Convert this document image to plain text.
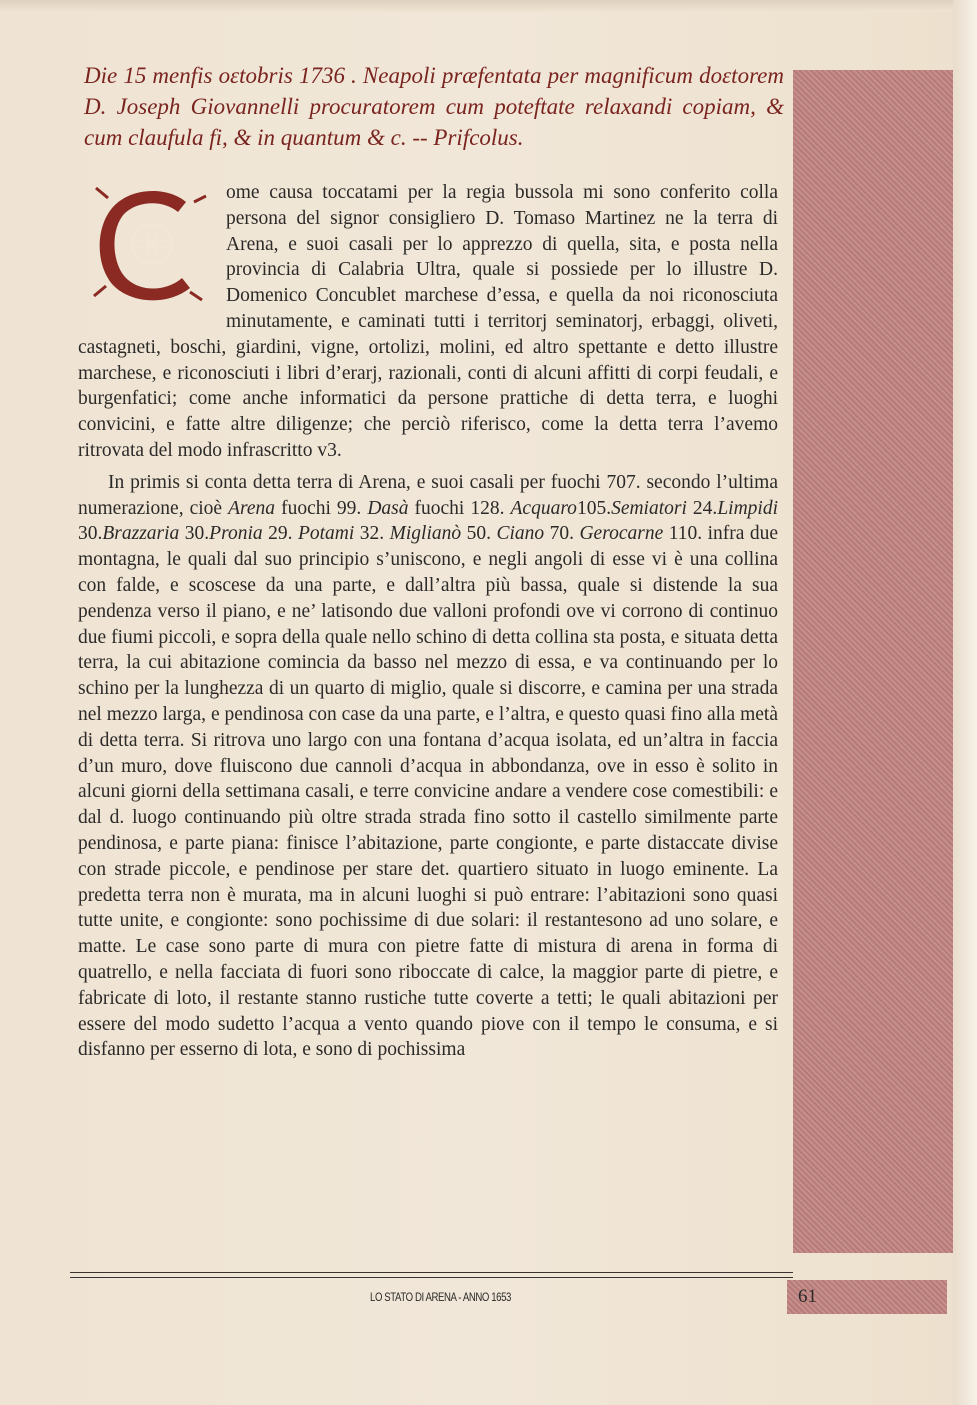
Die 15 menfis oɛtobris 1736 . Neapoli præfentata per magnificum doɛtorem D. Joseph Giovannelli procuratorem cum poteftate relaxandi copiam, & cum claufula fi, & in quantum & c. -- Prifcolus.

ome causa toccatami per la regia bussola mi sono conferito colla persona del signor consigliero D. Tomaso Martinez ne la terra di Arena, e suoi casali per lo apprezzo di quella, sita, e posta nella provincia di Calabria Ultra, quale si possiede per lo illustre D. Domenico Concublet marchese d’essa, e quella da noi riconosciuta minutamente, e caminati tutti i territorj seminatorj, erbaggi, oliveti, castagneti, boschi, giardini, vigne, ortolizi, molini, ed altro spettante e detto illustre marchese, e riconosciuti i libri d’erarj, razionali, conti di alcuni affitti di corpi feudali, e burgenfatici; come anche informatici da persone prattiche di detta terra, e luoghi convicini, e fatte altre diligenze; che perciò riferisco, come la detta terra l’avemo ritrovata del modo infrascritto v3.

In primis si conta detta terra di Arena, e suoi casali per fuochi 707. secondo l’ultima numerazione, cioè Arena fuochi 99. Dasà fuochi 128. Acquaro105.Semiatori 24.Limpidi 30.Brazzaria 30.Pronia 29. Potami 32. Miglianò 50. Ciano 70. Gerocarne 110. infra due montagna, le quali dal suo principio s’uniscono, e negli angoli di esse vi è una collina con falde, e scoscese da una parte, e dall’altra più bassa, quale si distende la sua pendenza verso il piano, e ne’ latisondo due valloni profondi ove vi corrono di continuo due fiumi piccoli, e sopra della quale nello schino di detta collina sta posta, e situata detta terra, la cui abitazione comincia da basso nel mezzo di essa, e va continuando per lo schino per la lunghezza di un quarto di miglio, quale si discorre, e camina per una strada nel mezzo larga, e pendinosa con case da una parte, e l’altra, e questo quasi fino alla metà di detta terra. Si ritrova uno largo con una fontana d’acqua isolata, ed un’altra in faccia d’un muro, dove fluiscono due cannoli d’acqua in abbondanza, ove in esso è solito in alcuni giorni della settimana casali, e terre convicine andare a vendere cose comestibili: e dal d. luogo continuando più oltre strada strada fino sotto il castello similmente parte pendinosa, e parte piana: finisce l’abitazione, parte congionte, e parte distaccate divise con strade piccole, e pendinose per stare det. quartiero situato in luogo eminente. La predetta terra non è murata, ma in alcuni luoghi si può entrare: l’abitazioni sono quasi tutte unite, e congionte: sono pochissime di due solari: il restantesono ad uno solare, e matte. Le case sono parte di mura con pietre fatte di mistura di arena in forma di quatrello, e nella facciata di fuori sono riboccate di calce, la maggior parte di pietre, e fabricate di loto, il restante stanno rustiche tutte coverte a tetti; le quali abitazioni per essere del modo sudetto l’acqua a vento quando piove con il tempo le consuma, e si disfanno per esserno di lota, e sono di pochissima

LO STATO DI ARENA - ANNO 1653	61
